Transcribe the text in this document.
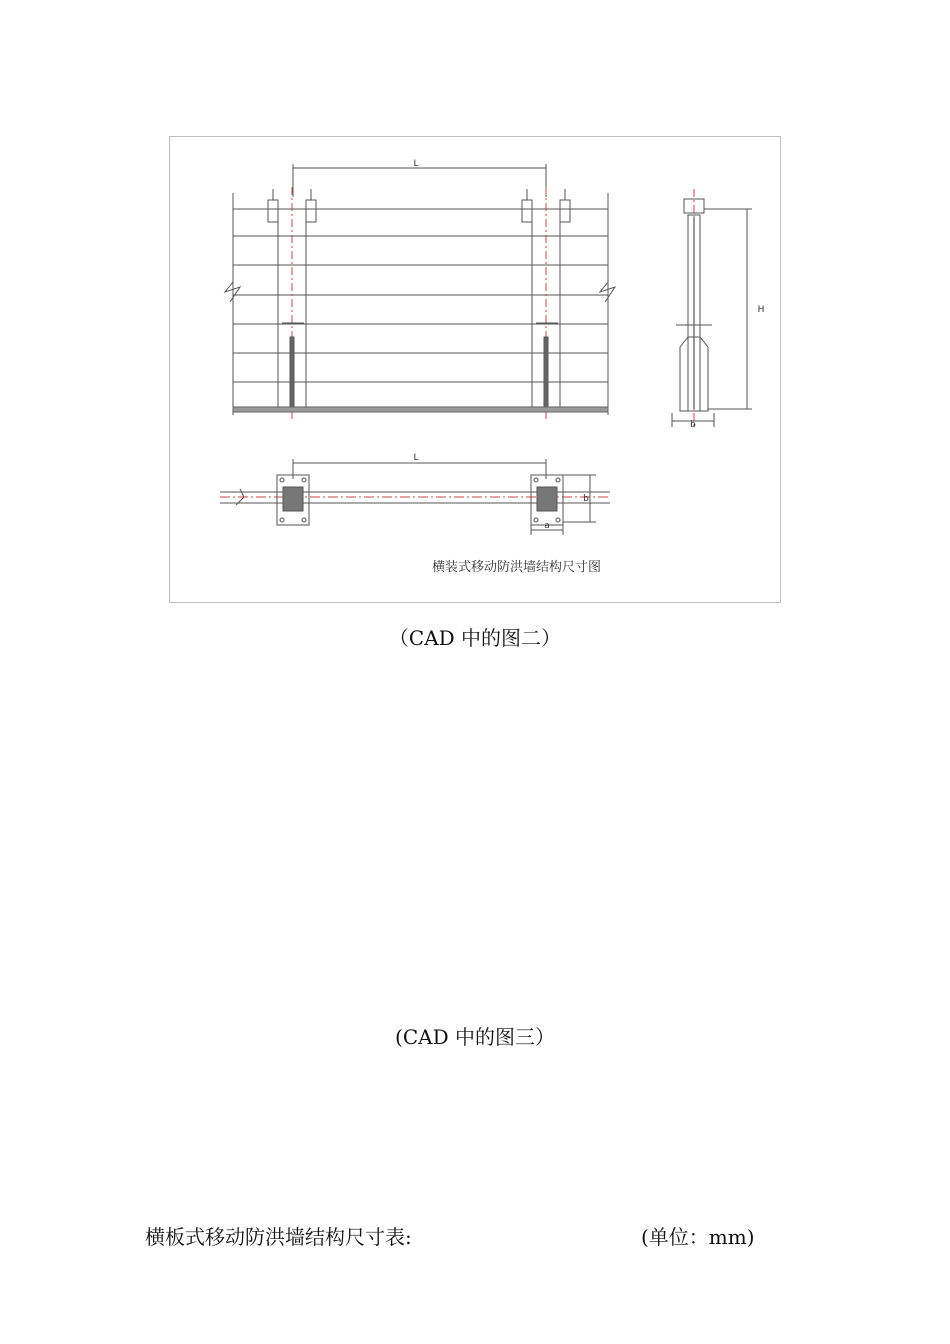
L
H
b
L
b
a
横装式移动防洪墙结构尺寸图
（CAD 中的图二）
(CAD 中的图三）
横板式移动防洪墙结构尺寸表:	(单位：mm)
